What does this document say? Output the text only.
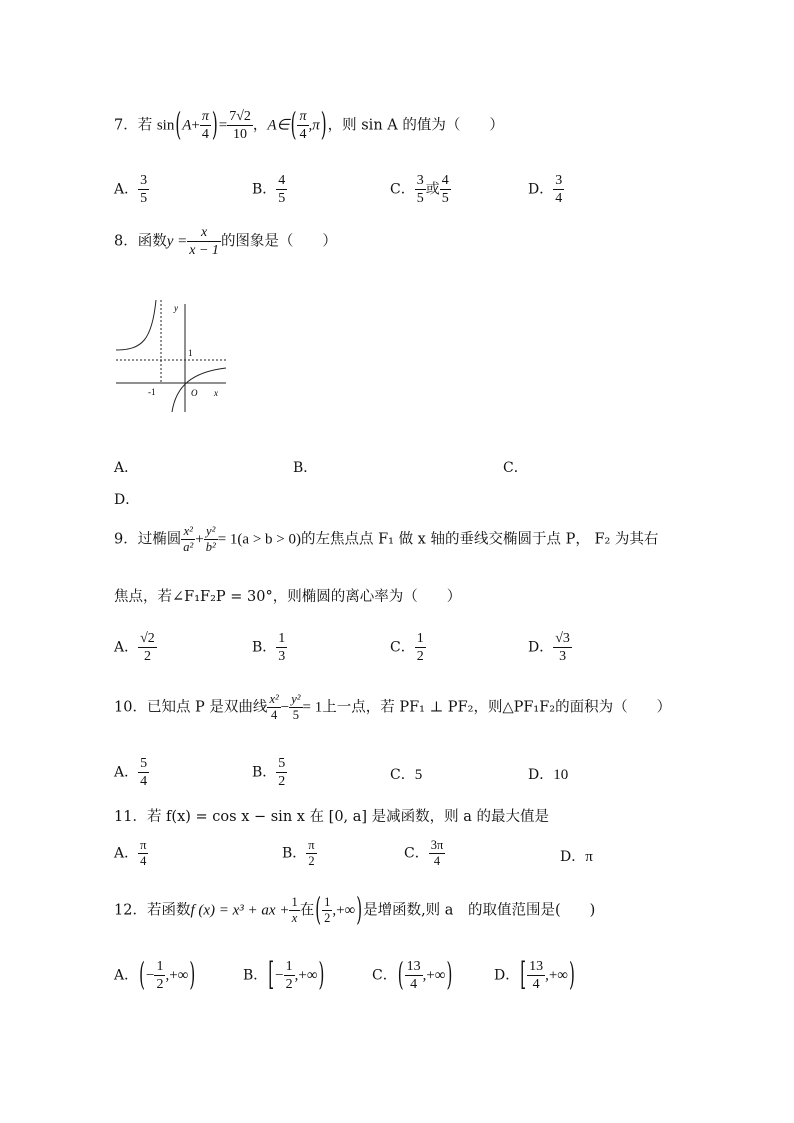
7．若 $\sin(A+ \frac{\pi}{4}$ )= $\frac{7√2}{10}$ ，A∈( $\frac{\pi}{4} ,\pi$)，则 sin A 的值为（　　）
A． $\frac{3}{5}$	B． $\frac{4}{5}$	C． $\frac{3}{5}$ 或 $\frac{4}{5}$	D． $\frac{3}{4}$
8．函数$y = \frac{x}{x - 1}$ 的图象是（　　）
y
1
-1	O x
A．	B．	C．
D．
9．过椭圆 $\frac{\text{x²}}{\text{a²}} + \frac{\text{y²}}{\text{b²}} = 1(a > b > 0)$的左焦点点 F₁ 做 x 轴的垂线交椭圆于点 P， F₂ 为其右
焦点，若∠F₁F₂P = 30°，则椭圆的离心率为（　　）
A． $\frac{√2}{2}$	B． $\frac{1}{3}$	C． $\frac{1}{2}$	D． $\frac{√3}{3}$
10．已知点 P 是双曲线 $\frac{\text{x²}}{4} - \frac{\text{y²}}{5} = 1$上一点，若 PF₁ ⊥ PF₂，则△PF₁F₂的面积为（　　）
A． $\frac{5}{4}$	B． $\frac{5}{2}$	C．5	D．10
11．若 f(x) = cos x − sin x 在 [0, a] 是减函数，则 a 的最大值是
A． $\frac{\pi}{4}$	B． $\frac{\pi}{2}$	C． $\frac{3\pi}{4}$	D．π
12．若函数f (x) = x³ + ax + $\frac{1}{x}$ 在( $\frac{1}{2}$ ,+∞)是增函数,则 a　的取值范围是(　　)
A．(− $\frac{1}{2}$ ,+∞)	B．[− $\frac{1}{2}$ ,+∞)	C．( $\frac{13}{4}$ ,+∞)	D．[ $\frac{13}{4}$ ,+∞)
